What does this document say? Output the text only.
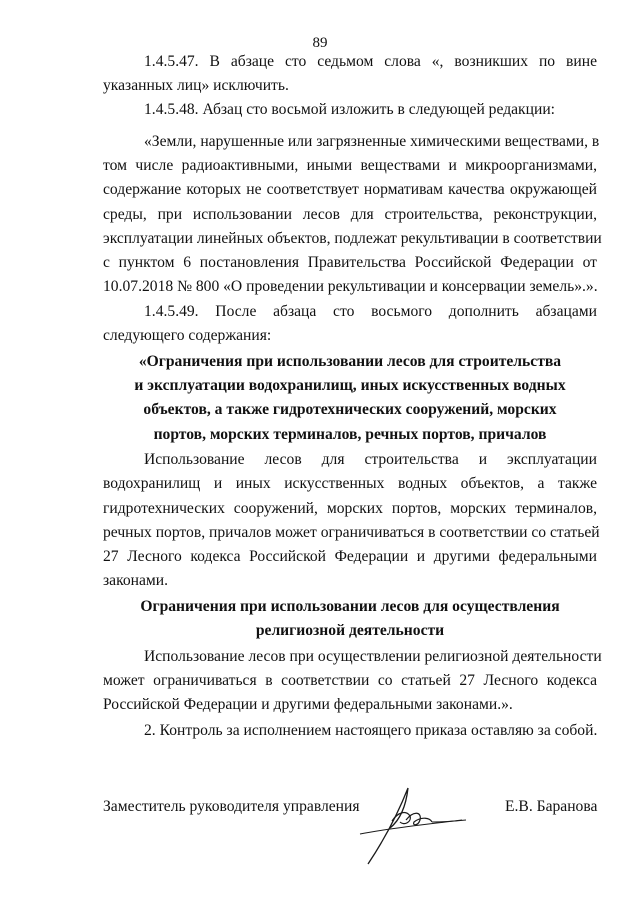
89
1.4.5.47. В абзаце сто седьмом слова «, возникших по вине
указанных лиц» исключить.
1.4.5.48. Абзац сто восьмой изложить в следующей редакции:
«Земли, нарушенные или загрязненные химическими веществами, в
том числе радиоактивными, иными веществами и микроорганизмами,
содержание которых не соответствует нормативам качества окружающей
среды, при использовании лесов для строительства, реконструкции,
эксплуатации линейных объектов, подлежат рекультивации в соответствии
с пунктом 6 постановления Правительства Российской Федерации от
10.07.2018 № 800 «О проведении рекультивации и консервации земель».».
1.4.5.49. После абзаца сто восьмого дополнить абзацами
следующего содержания:
«Ограничения при использовании лесов для строительства
и эксплуатации водохранилищ, иных искусственных водных
объектов, а также гидротехнических сооружений, морских
портов, морских терминалов, речных портов, причалов
Использование лесов для строительства и эксплуатации
водохранилищ и иных искусственных водных объектов, а также
гидротехнических сооружений, морских портов, морских терминалов,
речных портов, причалов может ограничиваться в соответствии со статьей
27 Лесного кодекса Российской Федерации и другими федеральными
законами.
Ограничения при использовании лесов для осуществления
религиозной деятельности
Использование лесов при осуществлении религиозной деятельности
может ограничиваться в соответствии со статьей 27 Лесного кодекса
Российской Федерации и другими федеральными законами.».
2. Контроль за исполнением настоящего приказа оставляю за собой.
Заместитель руководителя управления	Е.В. Баранова
